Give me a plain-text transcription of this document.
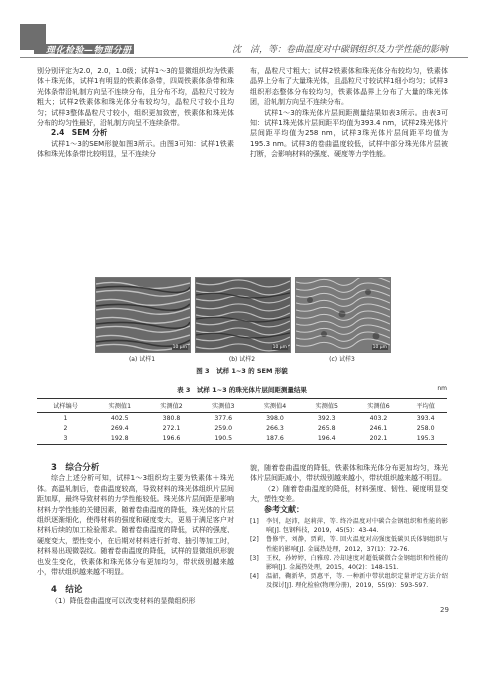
理化检验—物理分册	沈　洁，等：卷曲温度对中碳钢组织及力学性能的影响

别分别评定为2.0，2.0，1.0级；试样1～3的显微组织均为铁素体＋珠光体，试样1有明显的铁素体条带，四周铁素体条带和珠光体条带沿轧制方向呈不连续分布，且分布不均，晶粒尺寸较为粗大；试样2铁素体和珠光体分布较均匀，晶粒尺寸较小且均匀；试样3整体晶粒尺寸较小，组织更加致密，铁素体和珠光体分布的均匀性最好，沿轧制方向呈不连续条带。

2.4　SEM 分析

试样1～3的SEM形貌如图3所示。由图3可知：试样1铁素体和珠光体条带比较明显，呈不连续分

布，晶粒尺寸粗大；试样2铁素体和珠光体分布较均匀，铁素体晶界上分布了大量珠光体，且晶粒尺寸较试样1细小均匀；试样3组织形态整体分布较均匀，铁素体晶界上分布了大量的珠光体团，沿轧制方向呈不连续分布。

试样1～3的珠光体片层间距测量结果如表3所示。由表3可知：试样1珠光体片层间距平均值为393.4 nm，试样2珠光体片层间距平均值为258 nm，试样3珠光体片层间距平均值为195.3 nm。试样3的卷曲温度较低，试样中部分珠光体片层被打断，会影响材料的强度、硬度等力学性能。

10 μm	10 μm	10 μm
(a) 试样1	(b) 试样2	(c) 试样3
图 3　试样 1~3 的 SEM 形貌
表 3　试样 1~3 的珠光体片层间距测量结果	nm
试样编号	实测值1	实测值2	实测值3	实测值4	实测值5	实测值6	平均值
1	402.5	380.8	377.6	398.0	392.3	403.2	393.4
2	269.4	272.1	259.0	266.3	265.8	246.1	258.0
3	192.8	196.6	190.5	187.6	196.4	202.1	195.3

3　综合分析

综合上述分析可知，试样1～3组织均主要为铁素体＋珠光体。高温轧制后，卷曲温度较高，导致材料的珠光体组织片层间距加厚，最终导致材料的力学性能较低。珠光体片层间距是影响材料力学性能的关键因素，随着卷曲温度的降低，珠光体的片层组织逐渐细化，使得材料的强度和硬度变大，更易于满足客户对材料后续的加工检验需求。随着卷曲温度的降低，试样的强度、硬度变大，塑性变小，在后期对材料进行折弯、抽引等加工时，材料易出现微裂纹。随着卷曲温度的降低，试样的显微组织形貌也发生变化，铁素体和珠光体分布更加均匀，带状级别越来越小，带状组织越来越不明显。

4　结论

（1）降低卷曲温度可以改变材料的显微组织形

貌，随着卷曲温度的降低，铁素体和珠光体分布更加均匀，珠光体片层间距减小，带状级别越来越小，带状组织越来越不明显。

（2）随着卷曲温度的降低，材料强度、韧性、硬度明显变大，塑性变差。

参考文献：

[1] 李钊，赵沛，赵莉萍，等. 终冷温度对中碳合金钢组织和性能的影响[J]. 包钢科技，2019，45(5)：43-44.
[2] 鲁修宇，刘静，贾莉，等. 回火温度对高强度低碳贝氏体钢组织与性能的影响[J]. 金属热处理，2012，37(1)：72-76.
[3] 王权，孙婷婷，白雅琼. 冷却速度对超低碳微合金钢组织和性能的影响[J]. 金属热处理，2015，40(2)：148-151.
[4] 温韶，鞠新华，贾惠平，等. 一种新中带状组织定量评定方法介绍及探讨[J]. 理化检验(物理分册)，2019，55(9)：593-597.
29
